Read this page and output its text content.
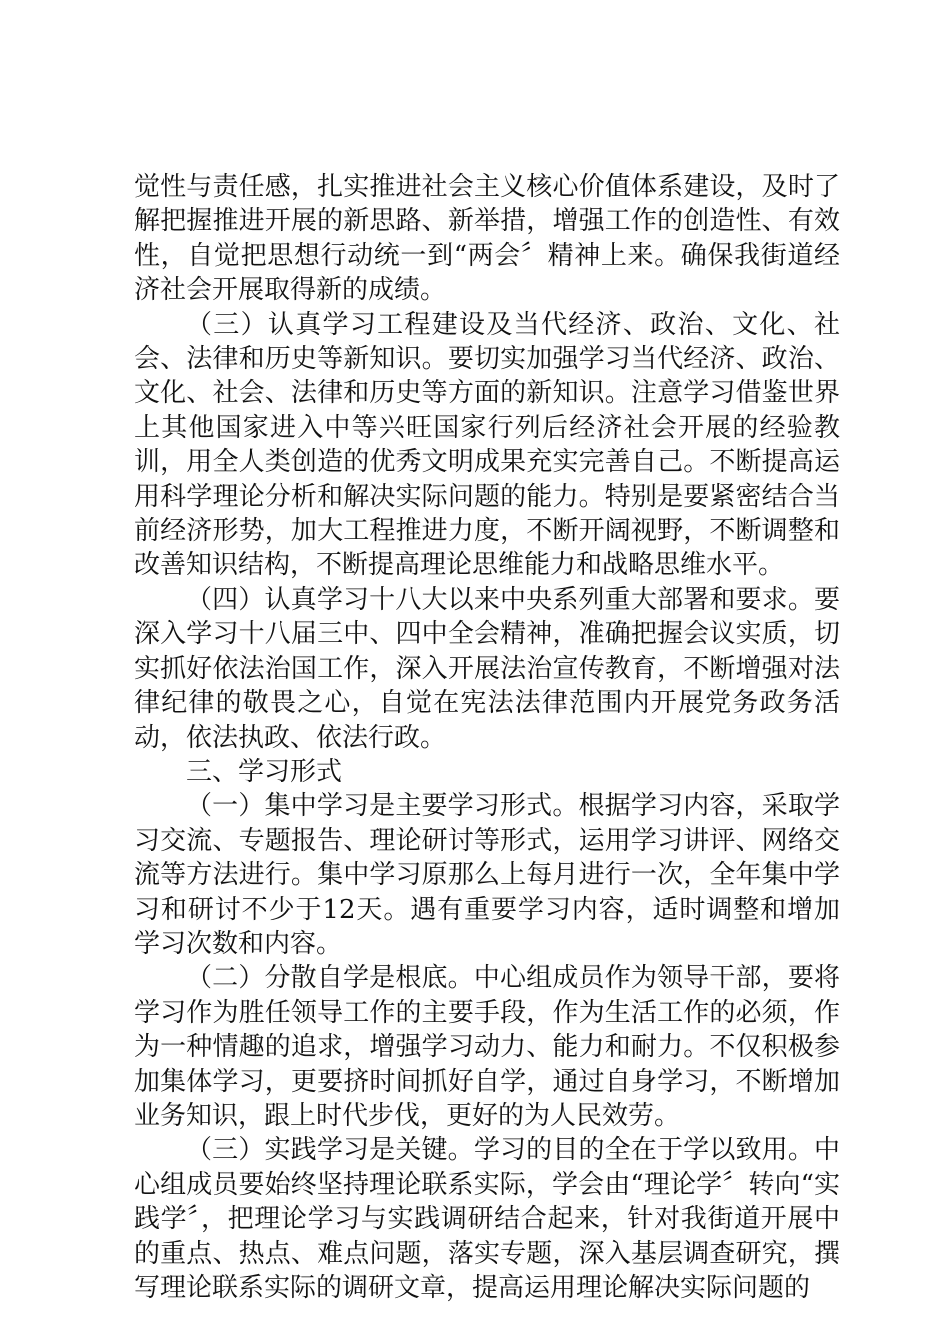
觉性与责任感，扎实推进社会主义核心价值体系建设，及时了解把握推进开展的新思路、新举措，增强工作的创造性、有效性，自觉把思想行动统一到“两会〞精神上来。确保我街道经济社会开展取得新的成绩。

（三）认真学习工程建设及当代经济、政治、文化、社会、法律和历史等新知识。要切实加强学习当代经济、政治、文化、社会、法律和历史等方面的新知识。注意学习借鉴世界上其他国家进入中等兴旺国家行列后经济社会开展的经验教训，用全人类创造的优秀文明成果充实完善自己。不断提高运用科学理论分析和解决实际问题的能力。特别是要紧密结合当前经济形势，加大工程推进力度，不断开阔视野，不断调整和改善知识结构，不断提高理论思维能力和战略思维水平。

（四）认真学习十八大以来中央系列重大部署和要求。要深入学习十八届三中、四中全会精神，准确把握会议实质，切实抓好依法治国工作，深入开展法治宣传教育，不断增强对法律纪律的敬畏之心，自觉在宪法法律范围内开展党务政务活动，依法执政、依法行政。

三、学习形式

（一）集中学习是主要学习形式。根据学习内容，采取学习交流、专题报告、理论研讨等形式，运用学习讲评、网络交流等方法进行。集中学习原那么上每月进行一次，全年集中学习和研讨不少于12天。遇有重要学习内容，适时调整和增加学习次数和内容。

（二）分散自学是根底。中心组成员作为领导干部，要将学习作为胜任领导工作的主要手段，作为生活工作的必须，作为一种情趣的追求，增强学习动力、能力和耐力。不仅积极参加集体学习，更要挤时间抓好自学，通过自身学习，不断增加业务知识，跟上时代步伐，更好的为人民效劳。

（三）实践学习是关键。学习的目的全在于学以致用。中心组成员要始终坚持理论联系实际，学会由“理论学〞转向“实践学〞，把理论学习与实践调研结合起来，针对我街道开展中的重点、热点、难点问题，落实专题，深入基层调查研究，撰写理论联系实际的调研文章，提高运用理论解决实际问题的
